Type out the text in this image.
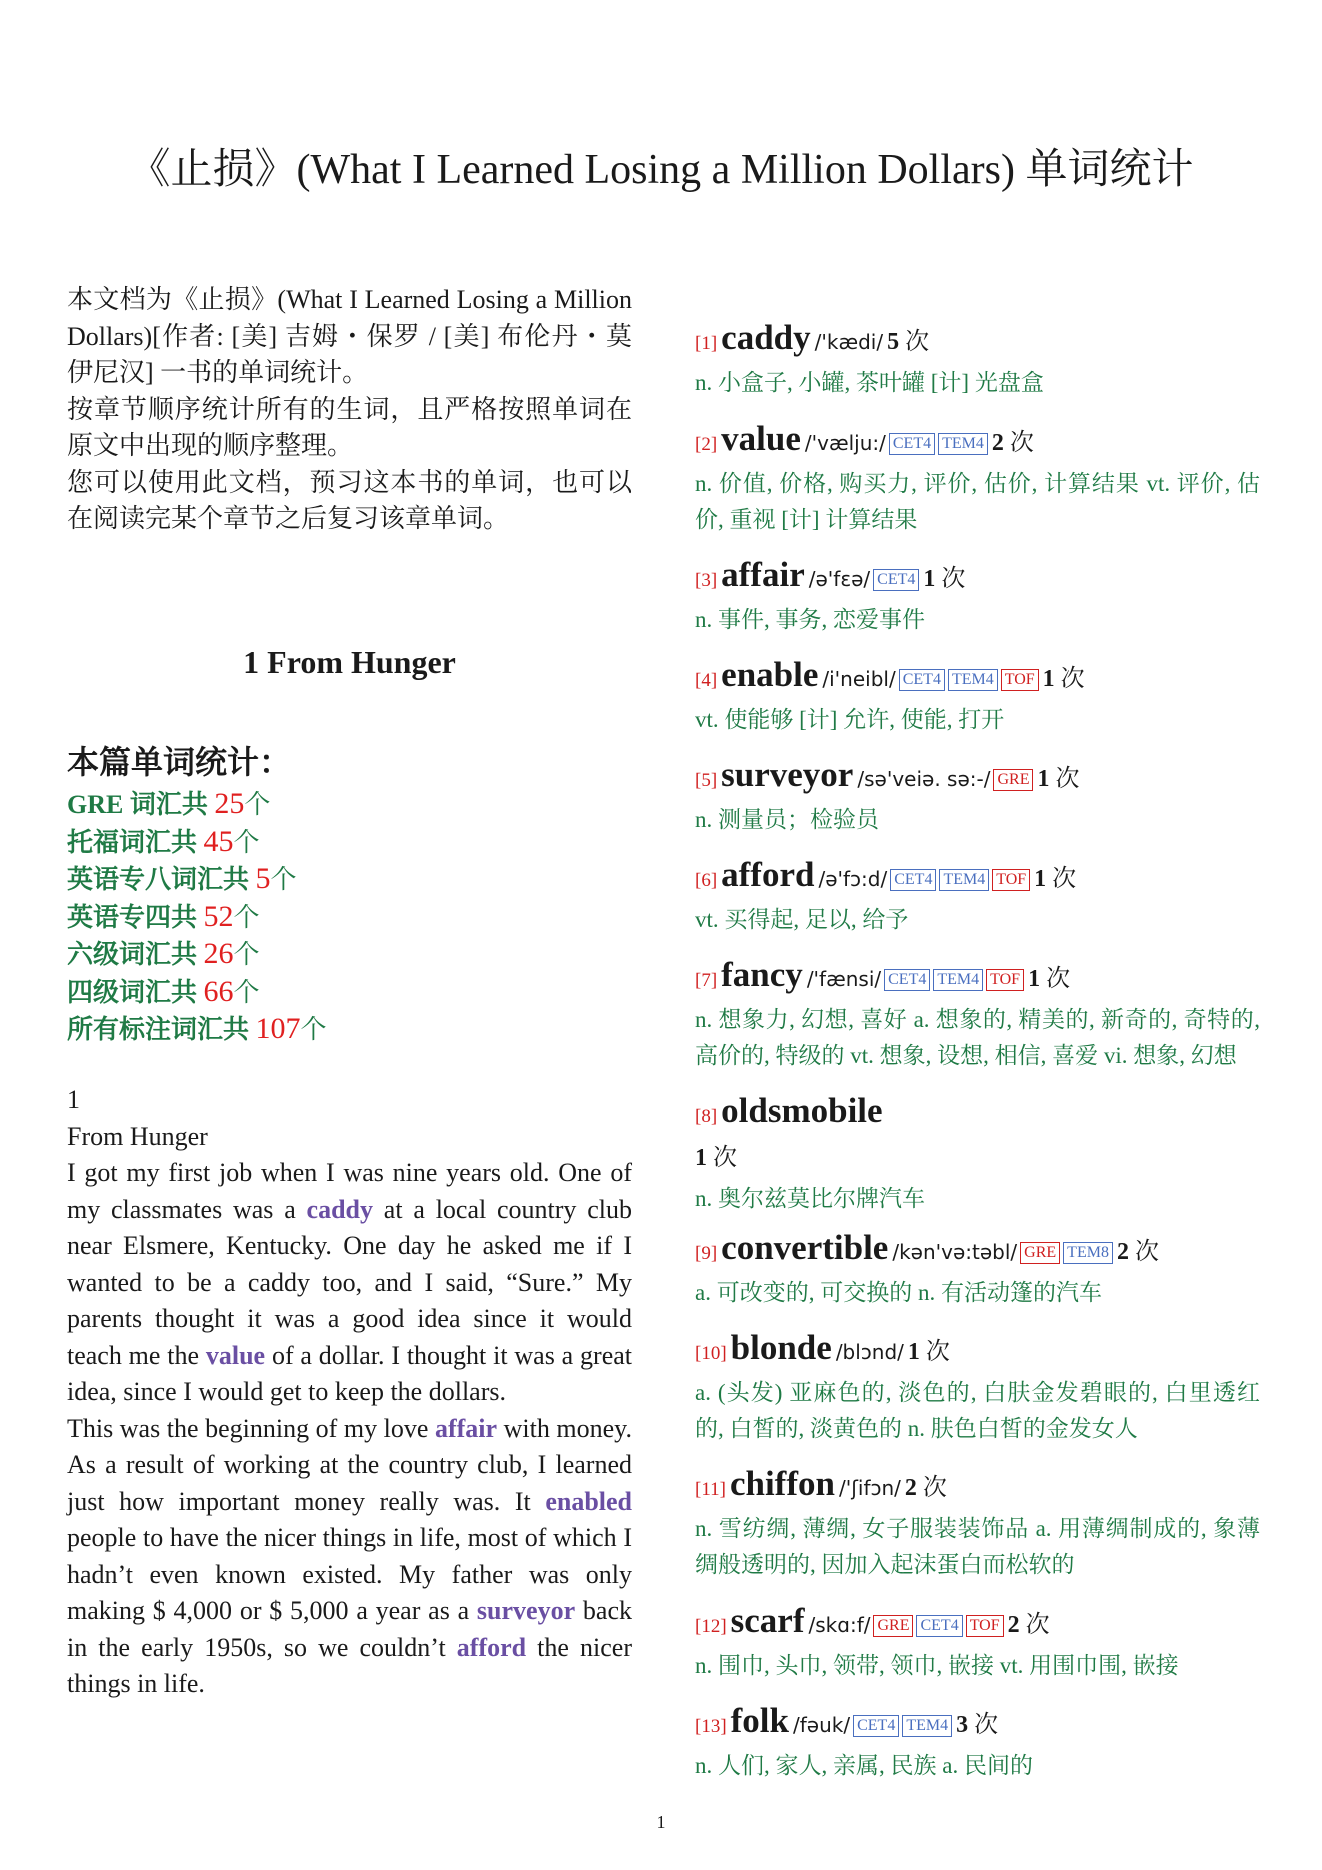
《止损》(What I Learned Losing a Million Dollars) 单词统计

本文档为《止损》(What I Learned Losing a Million Dollars)[作者: [美] 吉姆・保罗 / [美] 布伦丹・莫伊尼汉] 一书的单词统计。

按章节顺序统计所有的生词，且严格按照单词在原文中出现的顺序整理。

您可以使用此文档，预习这本书的单词，也可以在阅读完某个章节之后复习该章单词。

1 From Hunger
本篇单词统计：
GRE 词汇共 25个
托福词汇共 45个
英语专八词汇共 5个
英语专四共 52个
六级词汇共 26个
四级词汇共 66个
所有标注词汇共 107个

1

From Hunger

I got my first job when I was nine years old. One of my classmates was a caddy at a local country club near Elsmere, Kentucky. One day he asked me if I wanted to be a caddy too, and I said, “Sure.” My parents thought it was a good idea since it would teach me the value of a dollar. I thought it was a great idea, since I would get to keep the dollars.

This was the beginning of my love affair with money. As a result of working at the country club, I learned just how important money really was. It enabled people to have the nicer things in life, most of which I hadn’t even known existed. My father was only making $ 4,000 or $ 5,000 a year as a surveyor back in the early 1950s, so we couldn’t afford the nicer things in life.

[1] caddy /'kædi/ 5 次
n. 小盒子, 小罐, 茶叶罐 [计] 光盘盒
[2] value /'vælju:/ CET4 TEM4 2 次
n. 价值, 价格, 购买力, 评价, 估价, 计算结果 vt. 评价, 估价, 重视 [计] 计算结果
[3] affair /ə'fɛə/ CET4 1 次
n. 事件, 事务, 恋爱事件
[4] enable /i'neibl/ CET4 TEM4 TOF 1 次
vt. 使能够 [计] 允许, 使能, 打开
[5] surveyor /sə'veiə. sə:-/ GRE 1 次
n. 测量员；检验员
[6] afford /ə'fɔ:d/ CET4 TEM4 TOF 1 次
vt. 买得起, 足以, 给予
[7] fancy /'fænsi/ CET4 TEM4 TOF 1 次
n. 想象力, 幻想, 喜好 a. 想象的, 精美的, 新奇的, 奇特的, 高价的, 特级的 vt. 想象, 设想, 相信, 喜爱 vi. 想象, 幻想
[8] oldsmobile
1 次
n. 奥尔兹莫比尔牌汽车
[9] convertible /kən'və:təbl/ GRE TEM8 2 次
a. 可改变的, 可交换的 n. 有活动篷的汽车
[10] blonde /blɔnd/ 1 次
a. (头发) 亚麻色的, 淡色的, 白肤金发碧眼的, 白里透红的, 白皙的, 淡黄色的 n. 肤色白皙的金发女人
[11] chiffon /'ʃifɔn/ 2 次
n. 雪纺绸, 薄绸, 女子服装装饰品 a. 用薄绸制成的, 象薄绸般透明的, 因加入起沫蛋白而松软的
[12] scarf /skɑ:f/ GRE CET4 TOF 2 次
n. 围巾, 头巾, 领带, 领巾, 嵌接 vt. 用围巾围, 嵌接
[13] folk /fəuk/ CET4 TEM4 3 次
n. 人们, 家人, 亲属, 民族 a. 民间的
1
